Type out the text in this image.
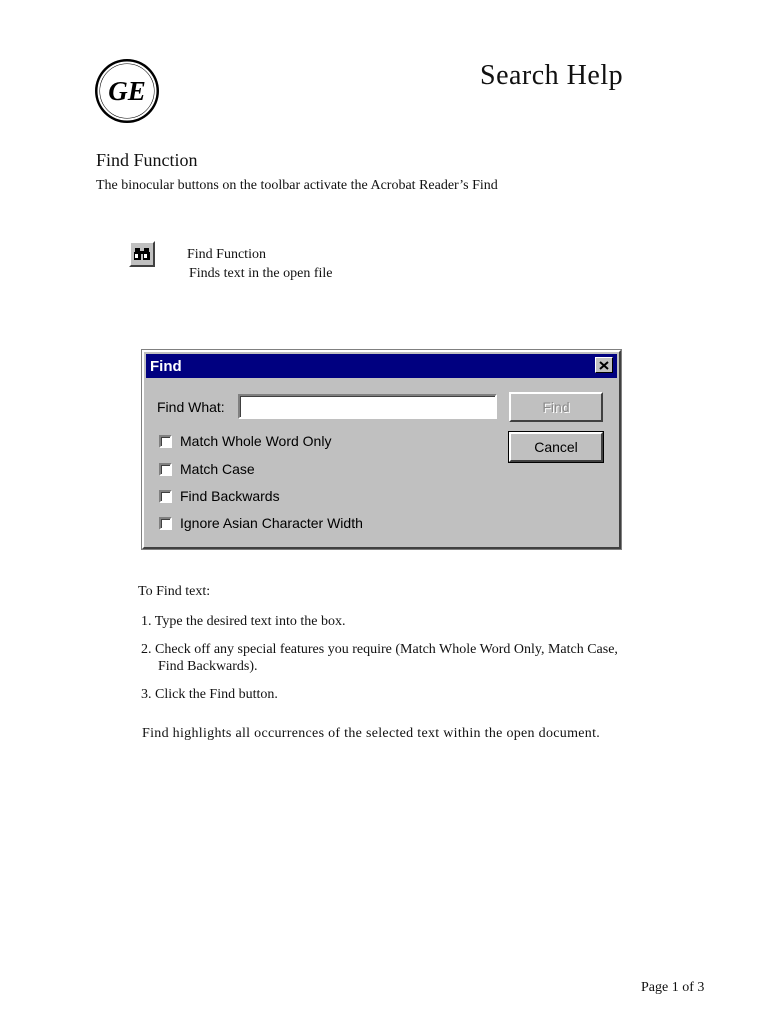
GE	Search Help
Find Function
The binocular buttons on the toolbar activate the Acrobat Reader’s Find
Find Function
Finds text in the open file
Find
Find What:	Find
Cancel
Match Whole Word Only
Match Case
Find Backwards
Ignore Asian Character Width
To Find text:
1. Type the desired text into the box.
2. Check off any special features you require (Match Whole Word Only, Match Case,
Find Backwards).
3. Click the Find button.
Find highlights all occurrences of the selected text within the open document.
Page 1 of 3
